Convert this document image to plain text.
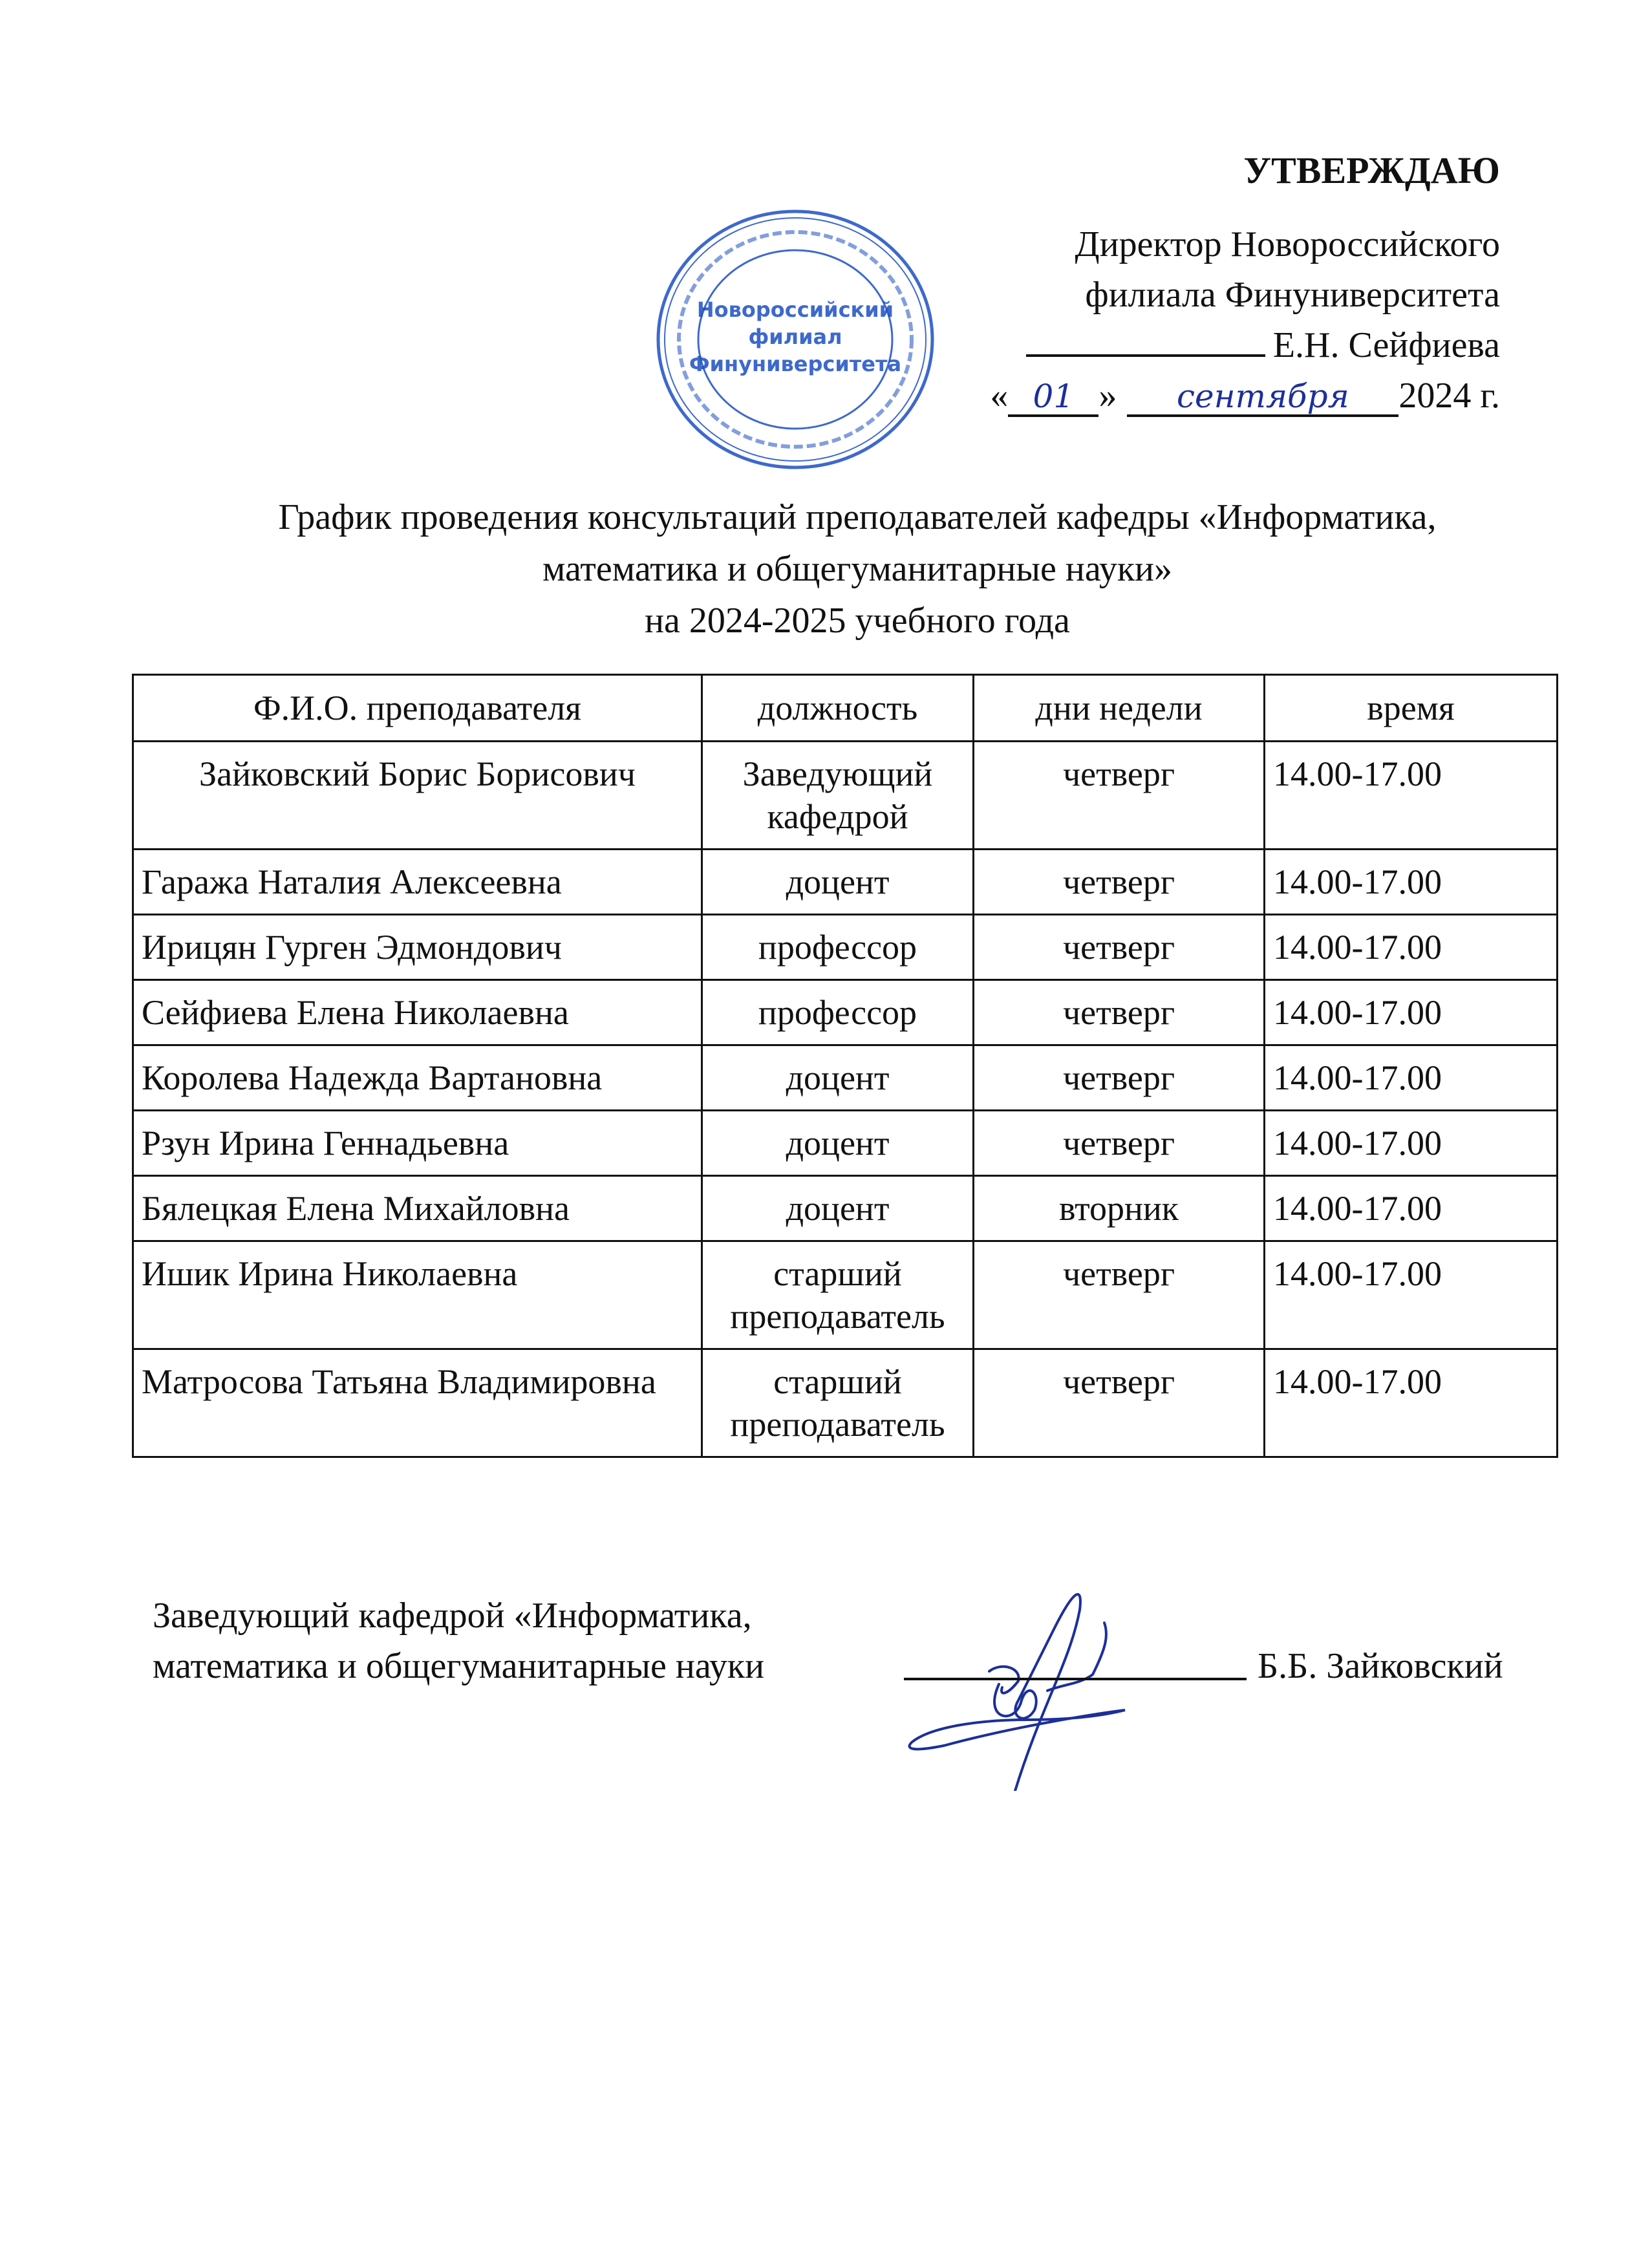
УТВЕРЖДАЮ
Директор Новороссийского
филиала Финуниверситета
Е.Н. Сейфиева
« 01 » сентября 2024 г.
Новороссийский
филиал
Финуниверситета
График проведения консультаций преподавателей кафедры «Информатика,
математика и общегуманитарные науки»
на 2024-2025 учебного года
Ф.И.О. преподавателя	должность	дни недели	время
Зайковский Борис Борисович	Заведующий кафедрой	четверг	14.00-17.00
Гаража Наталия Алексеевна	доцент	четверг	14.00-17.00
Ирицян Гурген Эдмондович	профессор	четверг	14.00-17.00
Сейфиева Елена Николаевна	профессор	четверг	14.00-17.00
Королева Надежда Вартановна	доцент	четверг	14.00-17.00
Рзун Ирина Геннадьевна	доцент	четверг	14.00-17.00
Бялецкая Елена Михайловна	доцент	вторник	14.00-17.00
Ишик Ирина Николаевна	старший преподаватель	четверг	14.00-17.00
Матросова Татьяна Владимировна	старший преподаватель	четверг	14.00-17.00
Заведующий кафедрой «Информатика,
математика и общегуманитарные науки	Б.Б. Зайковский
